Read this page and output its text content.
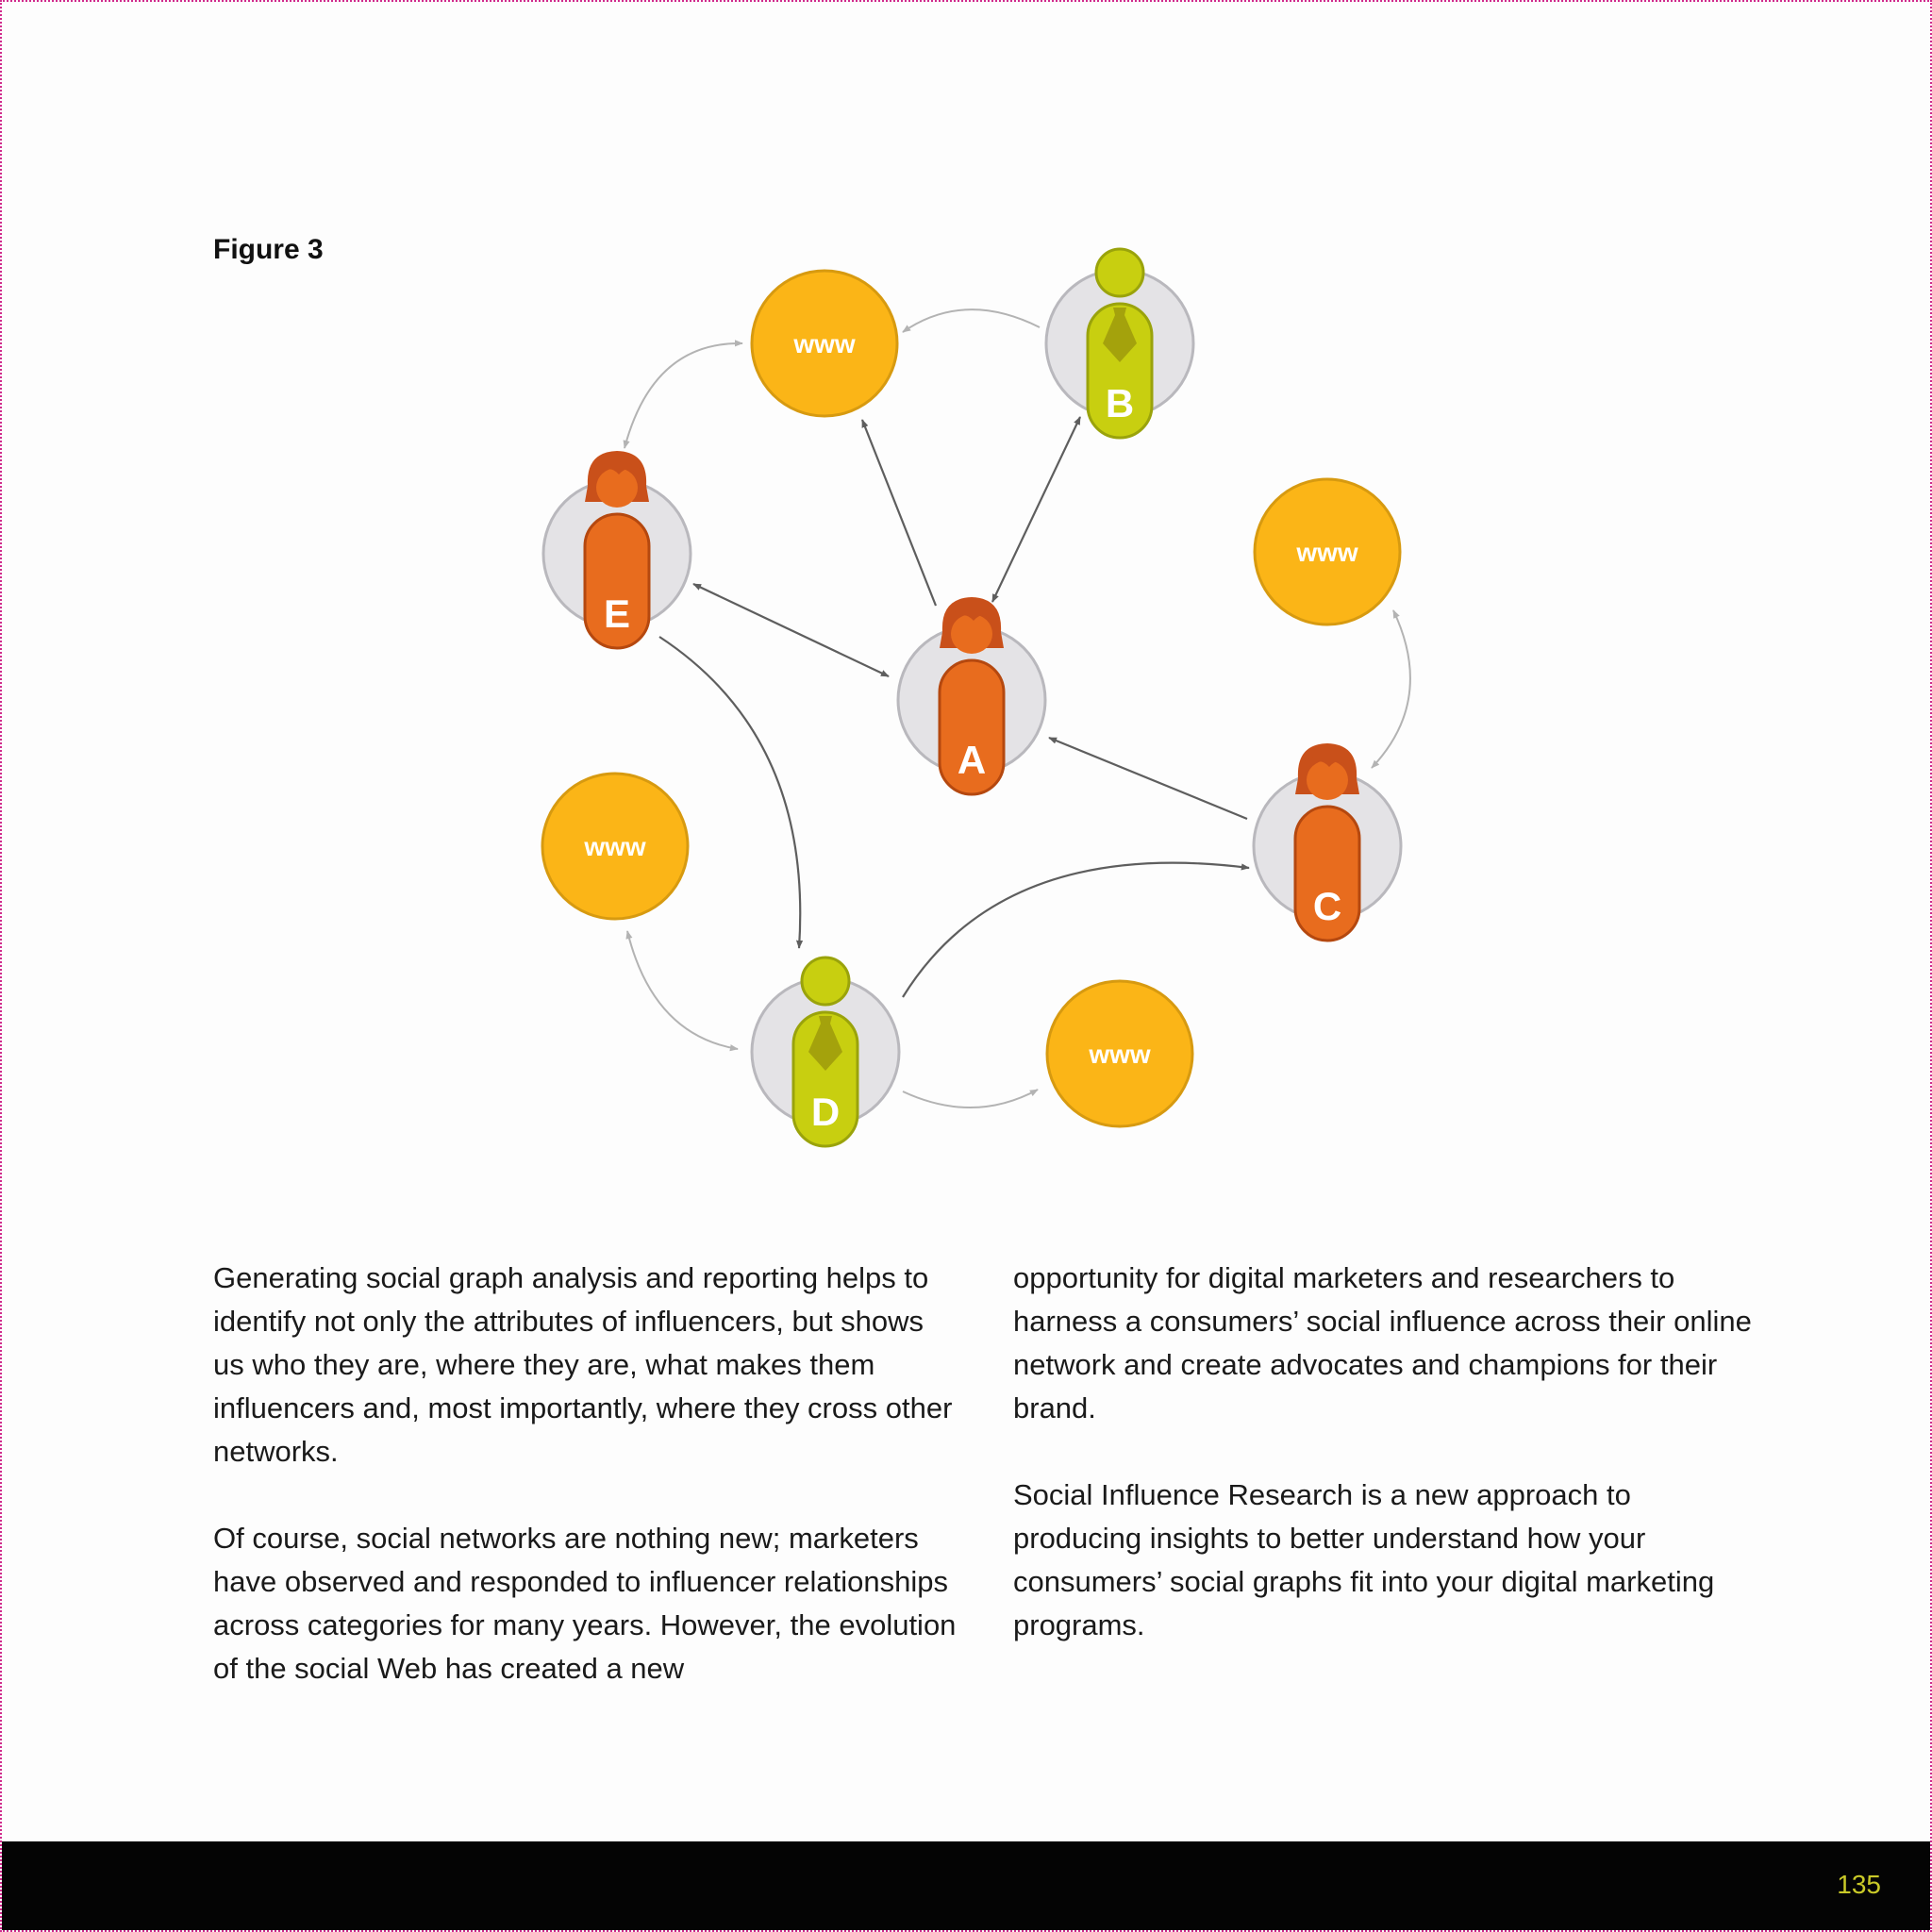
Figure 3
www
www
www
www
A
B
C
D
E

Generating social graph analysis and reporting helps to identify not only the attributes of influencers, but shows us who they are, where they are, what makes them influencers and, most importantly, where they cross other networks.

Of course, social networks are nothing new; marketers have observed and responded to influencer relationships across categories for many years. However, the evolution of the social Web has created a new

opportunity for digital marketers and researchers to harness a consumers’ social influence across their online network and create advocates and champions for their brand.

Social Influence Research is a new approach to producing insights to better understand how your consumers’ social graphs fit into your digital marketing programs.

135
